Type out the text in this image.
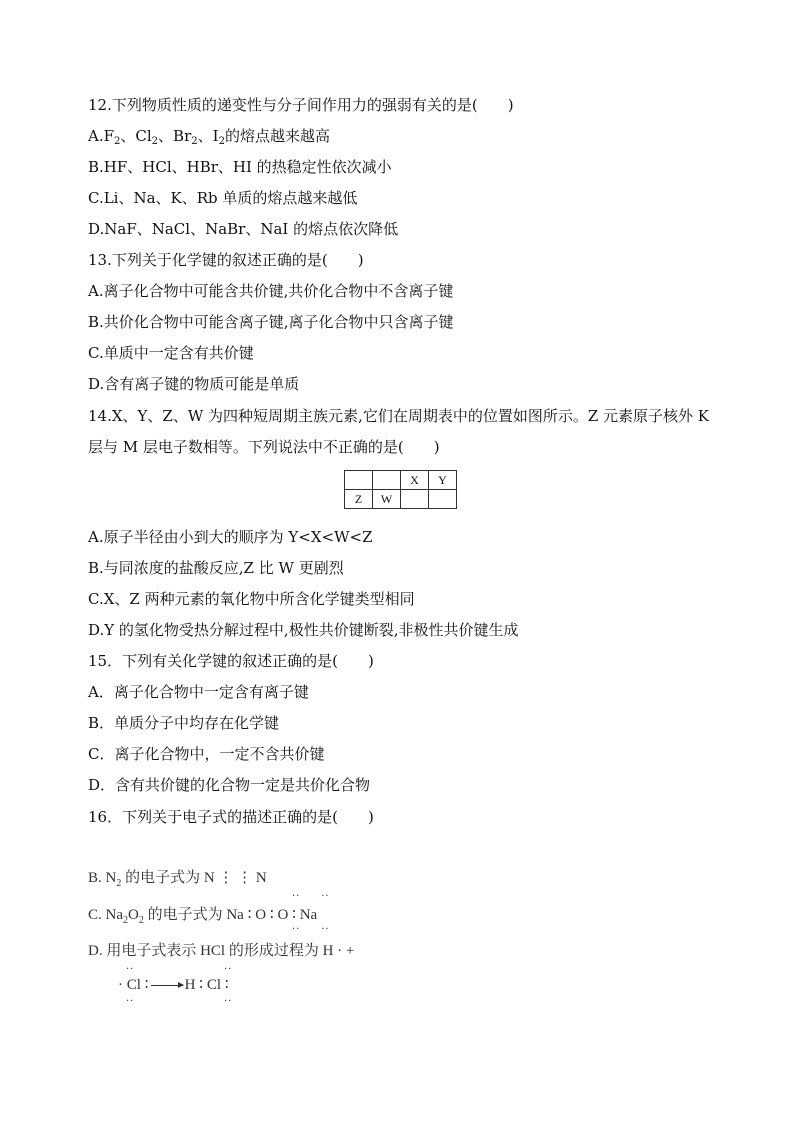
12.下列物质性质的递变性与分子间作用力的强弱有关的是(　　)
$A.F_2$、$Cl_2$、$Br_2$、$I_2$的熔点越来越高
B.HF、HCl、HBr、HI 的热稳定性依次减小
C.Li、Na、K、Rb 单质的熔点越来越低
D.NaF、NaCl、NaBr、NaI 的熔点依次降低
13.下列关于化学键的叙述正确的是(　　)
A.离子化合物中可能含共价键,共价化合物中不含离子键
B.共价化合物中可能含离子键,离子化合物中只含离子键
C.单质中一定含有共价键
D.含有离子键的物质可能是单质
14.X、Y、Z、W 为四种短周期主族元素,它们在周期表中的位置如图所示。Z 元素原子核外 K
层与 M 层电子数相等。下列说法中不正确的是(　　)
		X	Y
Z	W		
A.原子半径由小到大的顺序为 Y<X<W<Z
B.与同浓度的盐酸反应,Z 比 W 更剧烈
C.X、Z 两种元素的氧化物中所含化学键类型相同
D.Y 的氢化物受热分解过程中,极性共价键断裂,非极性共价键生成
15．下列有关化学键的叙述正确的是(　　)
A．离子化合物中一定含有离子键
B．单质分子中均存在化学键
C．离子化合物中，一定不含共价键
D．含有共价键的化合物一定是共价化合物
16．下列关于电子式的描述正确的是(　　)
B. $N_2$ 的电子式为 N ⋮ ⋮ N
··     ··
C. $Na_2O_2$ 的电子式为 Na ∶ O ∶ O ∶ Na
··     ··
D. 用电子式表示 HCl 的形成过程为 H · +
··	··
· Cl ∶ → H ∶ Cl ∶
··	··
